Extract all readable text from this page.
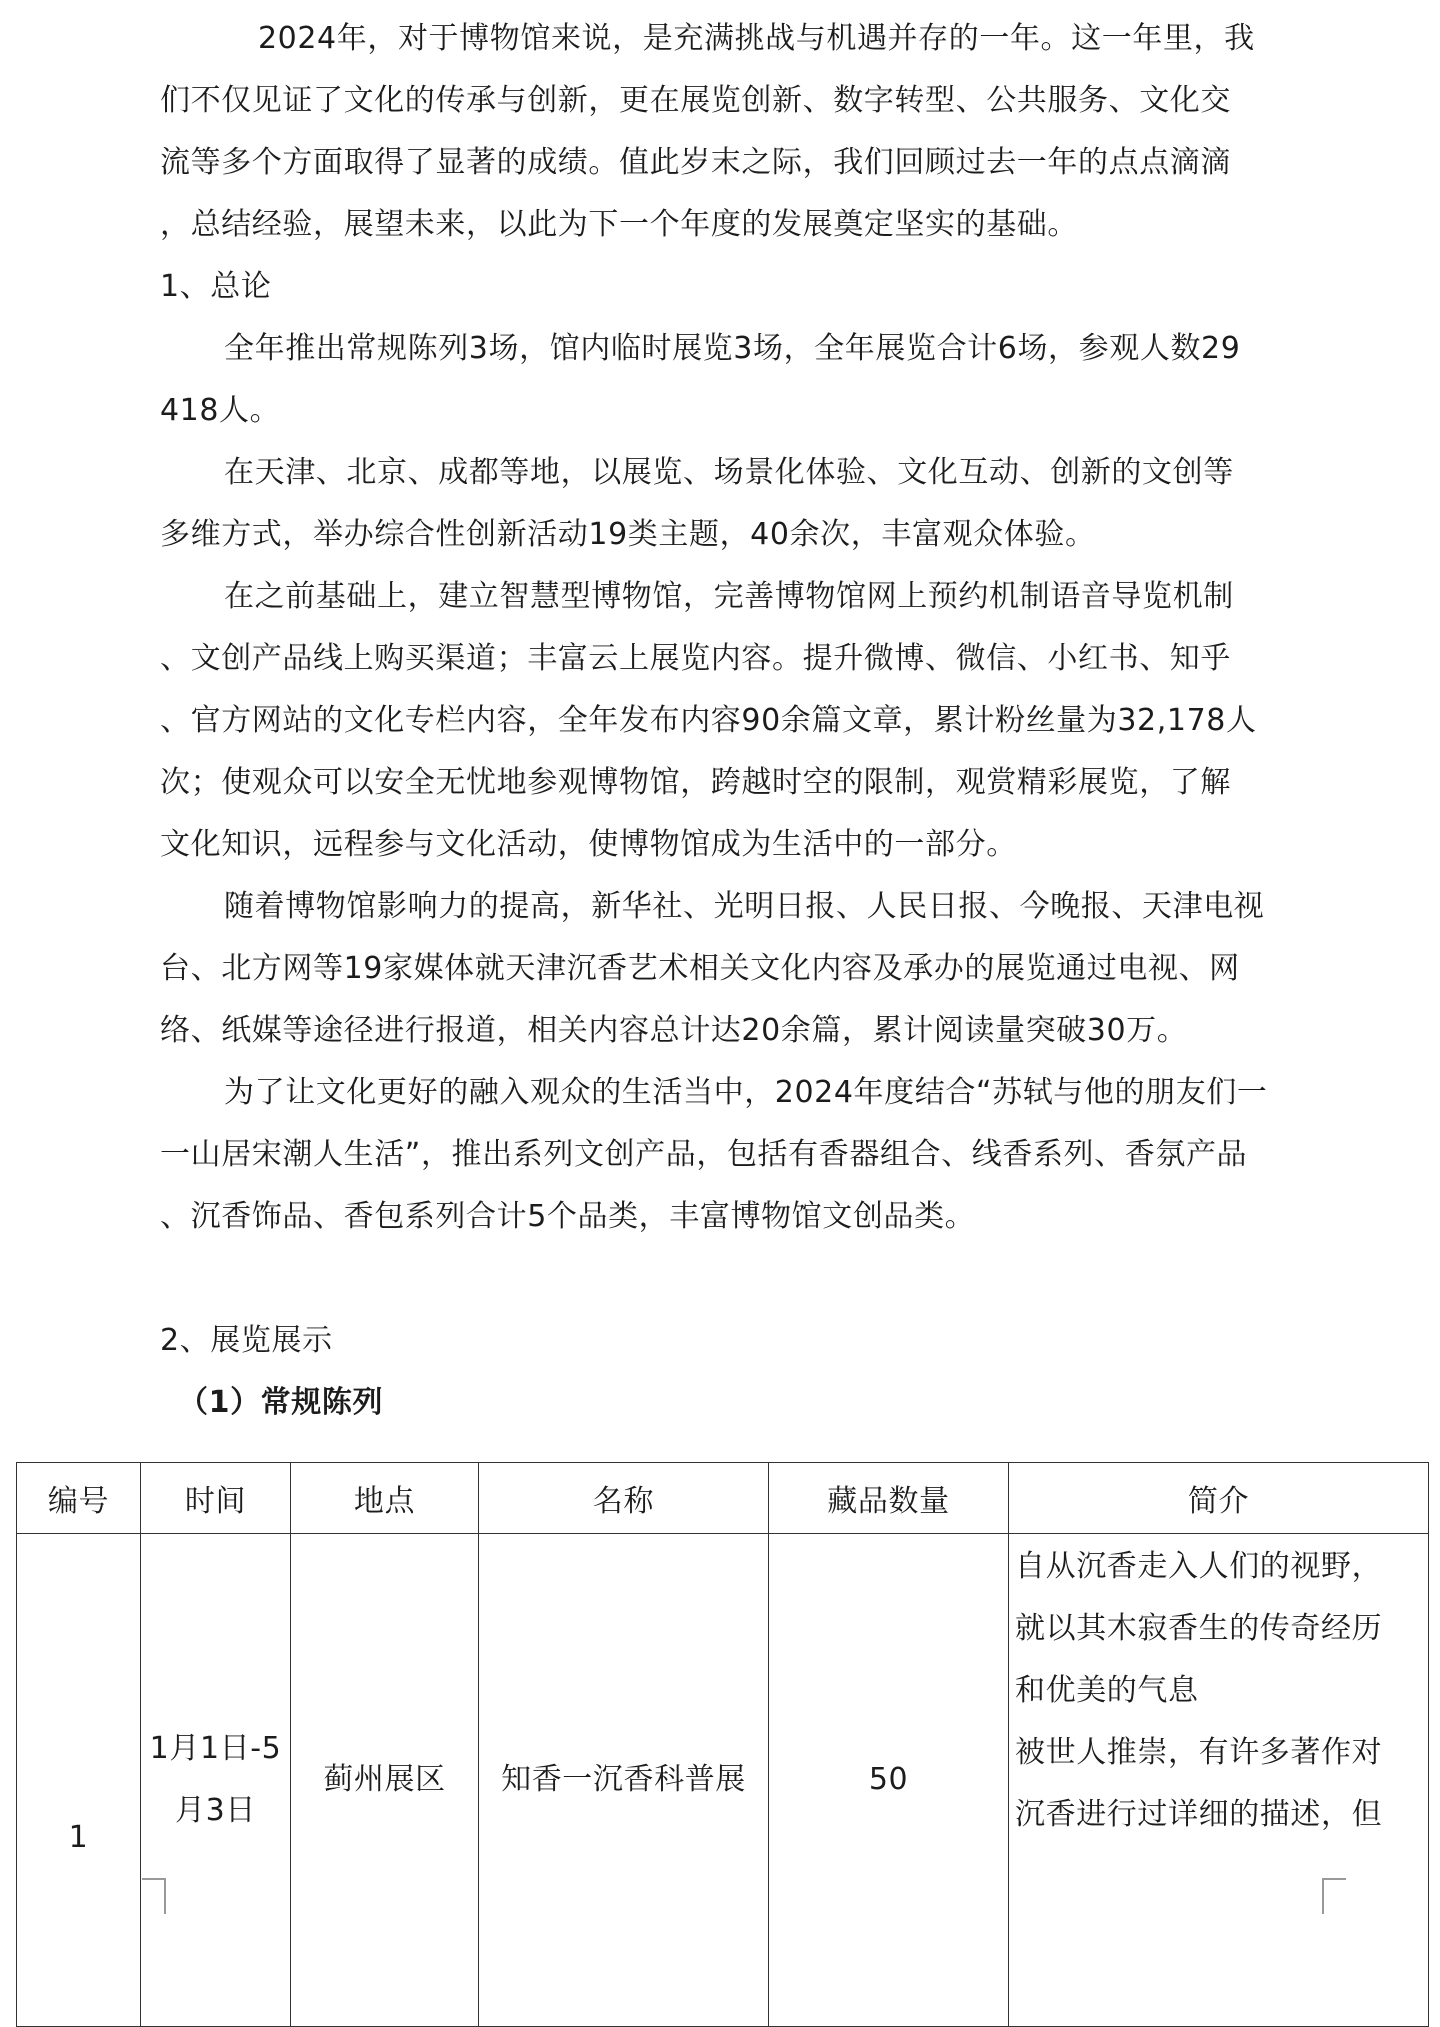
2024年，对于博物馆来说，是充满挑战与机遇并存的一年。这一年里，我

们不仅见证了文化的传承与创新，更在展览创新、数字转型、公共服务、文化交

流等多个方面取得了显著的成绩。值此岁末之际，我们回顾过去一年的点点滴滴

，总结经验，展望未来，以此为下一个年度的发展奠定坚实的基础。

1、总论

全年推出常规陈列3场，馆内临时展览3场，全年展览合计6场，参观人数29

418人。

在天津、北京、成都等地，以展览、场景化体验、文化互动、创新的文创等

多维方式，举办综合性创新活动19类主题，40余次，丰富观众体验。

在之前基础上，建立智慧型博物馆，完善博物馆网上预约机制语音导览机制

、文创产品线上购买渠道；丰富云上展览内容。提升微博、微信、小红书、知乎

、官方网站的文化专栏内容，全年发布内容90余篇文章，累计粉丝量为32,178人

次；使观众可以安全无忧地参观博物馆，跨越时空的限制，观赏精彩展览，了解

文化知识，远程参与文化活动，使博物馆成为生活中的一部分。

随着博物馆影响力的提高，新华社、光明日报、人民日报、今晚报、天津电视

台、北方网等19家媒体就天津沉香艺术相关文化内容及承办的展览通过电视、网

络、纸媒等途径进行报道，相关内容总计达20余篇，累计阅读量突破30万。

为了让文化更好的融入观众的生活当中，2024年度结合“苏轼与他的朋友们一

一山居宋潮人生活”，推出系列文创产品，包括有香器组合、线香系列、香氛产品

、沉香饰品、香包系列合计5个品类，丰富博物馆文创品类。

2、展览展示
（1）常规陈列
编号	时间	地点	名称	藏品数量	简介
1	1月1日-5
月3日	蓟州展区	知香一沉香科普展	50	自从沉香走入人们的视野，
就以其木寂香生的传奇经历
和优美的气息
被世人推崇，有许多著作对
沉香进行过详细的描述，但
